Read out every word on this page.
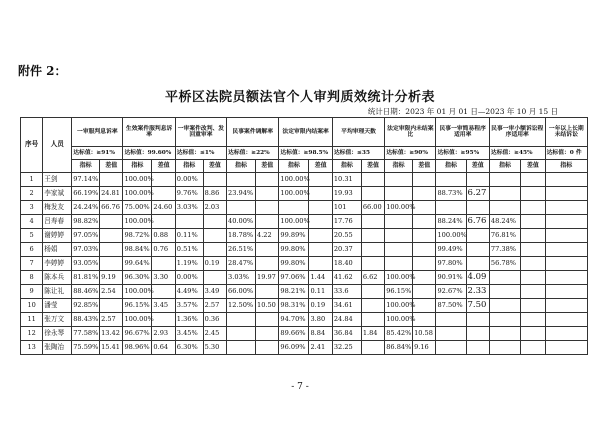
附件 2：
平桥区法院员额法官个人审判质效统计分析表
统计日期：2023 年 01 月 01 日—2023 年 10 月 15 日
序号	人员	一审服判息诉率		生效案件服判息诉率		一审案件改判、发回重审率		民事案件调解率		法定审限内结案率		平均审理天数		法定审限内未结案比		民事一审简易程序适用率		民事一审小额诉讼程序适用率		一年以上长期未结诉讼
		达标值：≥91%		达标值：99.60%		达标值：≤1%		达标值：≥22%		达标值：≥98.5%		达标值：≤35		达标值：≥90%		达标值：≥95%		达标值：≥45%		达标值：0 件
		指标	差值	指标	差值	指标	差值	指标	差值	指标	差值	指标	差值	指标	差值	指标	差值	指标	差值	指标
1	王剑	97.14%		100.00%		0.00%				100.00%		10.31								
2	李家斌	66.19%	24.81	100.00%		9.76%	8.86	23.94%		100.00%		19.93				88.73%	6.27			
3	梅发友	24.24%	66.76	75.00%	24.60	3.03%	2.03					101	66.00	100.00%						
4	吕寿春	98.82%		100.00%				40.00%		100.00%		17.76				88.24%	6.76	48.24%		
5	谢婷婷	97.05%		98.72%	0.88	0.11%		18.78%	4.22	99.89%		20.55				100.00%		76.81%		
6	杨娟	97.03%		98.84%	0.76	0.51%		26.51%		99.80%		20.37				99.49%		77.38%		
7	李婷婷	93.05%		99.64%		1.19%	0.19	28.47%		99.80%		18.40				97.80%		56.78%		
8	陈本兵	81.81%	9.19	96.30%	3.30	0.00%		3.03%	19.97	97.06%	1.44	41.62	6.62	100.00%		90.91%	4.09			
9	陈让礼	88.46%	2.54	100.00%		4.49%	3.49	66.00%		98.21%	0.11	33.6		96.15%		92.67%	2.33			
10	潘莹	92.85%		96.15%	3.45	3.57%	2.57	12.50%	10.50	98.31%	0.19	34.61		100.00%		87.50%	7.50			
11	张万文	88.43%	2.57	100.00%		1.36%	0.36			94.70%	3.80	24.84		100.00%						
12	徐永琴	77.58%	13.42	96.67%	2.93	3.45%	2.45			89.66%	8.84	36.84	1.84	85.42%	10.58					
13	张陶冶	75.59%	15.41	98.96%	0.64	6.30%	5.30			96.09%	2.41	32.25		86.84%	9.16					
- 7 -
